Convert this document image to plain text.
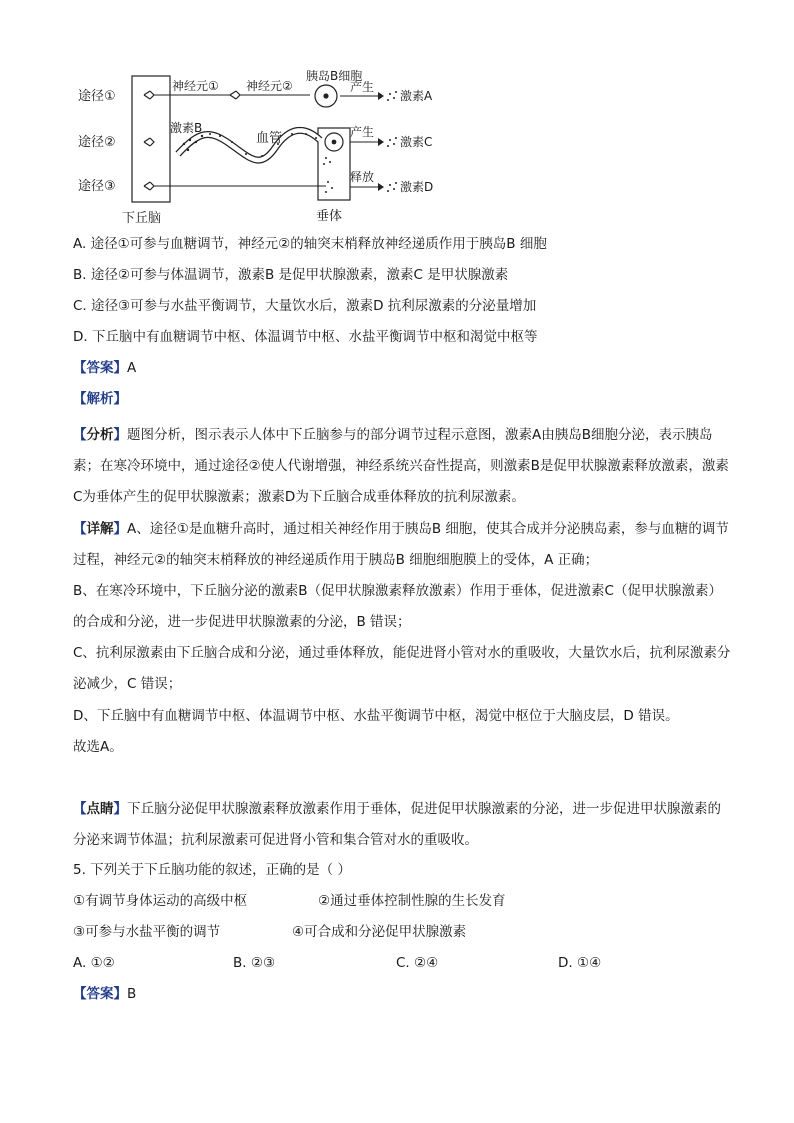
途径①
途径②
途径③
下丘脑	垂体
神经元① 神经元②
胰岛B细胞
产生
激素A
激素B
血管	产生
激素C
释放
激素D
A. 途径①可参与血糖调节，神经元②的轴突末梢释放神经递质作用于胰岛B 细胞
B. 途径②可参与体温调节，激素B 是促甲状腺激素，激素C 是甲状腺激素
C. 途径③可参与水盐平衡调节，大量饮水后，激素D 抗利尿激素的分泌量增加
D. 下丘脑中有血糖调节中枢、体温调节中枢、水盐平衡调节中枢和渴觉中枢等
【答案】A
【解析】
【分析】题图分析，图示表示人体中下丘脑参与的部分调节过程示意图，激素A由胰岛B细胞分泌，表示胰岛素；在寒冷环境中，通过途径②使人代谢增强，神经系统兴奋性提高，则激素B是促甲状腺激素释放激素，激素C为垂体产生的促甲状腺激素；激素D为下丘脑合成垂体释放的抗利尿激素。
【详解】A、途径①是血糖升高时，通过相关神经作用于胰岛B 细胞，使其合成并分泌胰岛素，参与血糖的调节过程，神经元②的轴突末梢释放的神经递质作用于胰岛B 细胞细胞膜上的受体，A 正确；
B、在寒冷环境中，下丘脑分泌的激素B（促甲状腺激素释放激素）作用于垂体，促进激素C（促甲状腺激素）的合成和分泌，进一步促进甲状腺激素的分泌，B 错误；
C、抗利尿激素由下丘脑合成和分泌，通过垂体释放，能促进肾小管对水的重吸收，大量饮水后，抗利尿激素分泌减少，C 错误；
D、下丘脑中有血糖调节中枢、体温调节中枢、水盐平衡调节中枢，渴觉中枢位于大脑皮层，D 错误。
故选A。
【点睛】下丘脑分泌促甲状腺激素释放激素作用于垂体，促进促甲状腺激素的分泌，进一步促进甲状腺激素的分泌来调节体温；抗利尿激素可促进肾小管和集合管对水的重吸收。
5. 下列关于下丘脑功能的叙述，正确的是（ ）
①有调节身体运动的高级中枢	②通过垂体控制性腺的生长发育
③可参与水盐平衡的调节	④可合成和分泌促甲状腺激素
A. ①②	B. ②③	C. ②④	D. ①④
【答案】B
